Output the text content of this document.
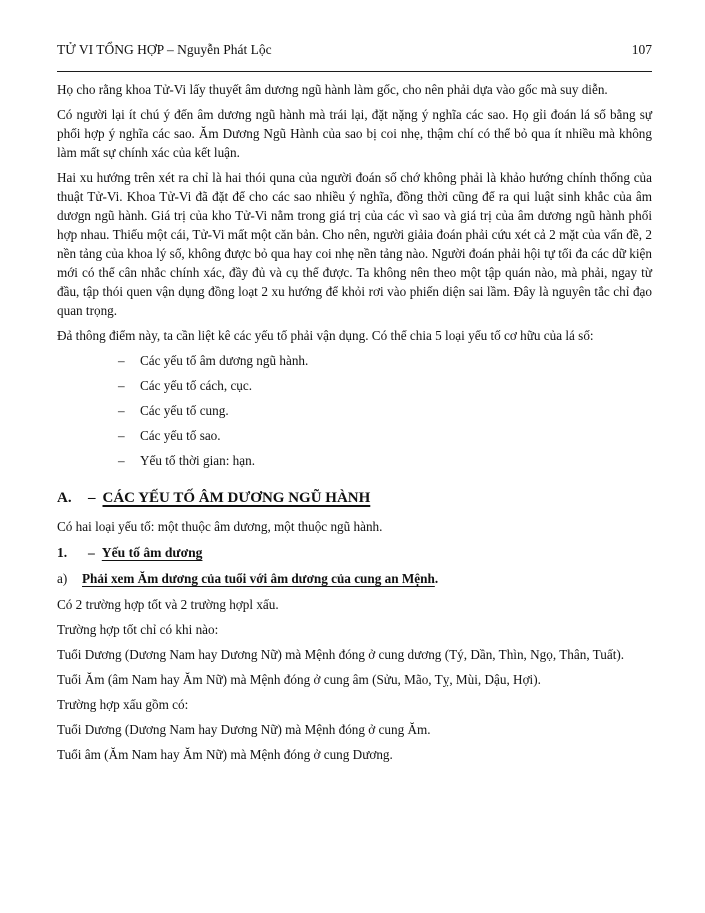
TỬ VI TỔNG HỢP – Nguyễn Phát Lộc	107

Họ cho rằng khoa Tử-Vi lấy thuyết âm dương ngũ hành làm gốc, cho nên phải dựa vào gốc mà suy diễn.

Có người lại ít chú ý đến âm dương ngũ hành mà trái lại, đặt nặng ý nghĩa các sao. Họ gỉi đoán lá số bằng sự phối hợp ý nghĩa các sao. Ăm Dương Ngũ Hành của sao bị coi nhẹ, thậm chí có thể bỏ qua ít nhiều mà không làm mất sự chính xác của kết luận.

Hai xu hướng trên xét ra chỉ là hai thói quna của người đoán số chớ không phải là khảo hướng chính thống của thuật Tử-Vi. Khoa Tử-Vi đã đặt để cho các sao nhiều ý nghĩa, đồng thời cũng để ra qui luật sinh khắc của âm dươgn ngũ hành. Giá trị của kho Tử-Vi nằm trong giá trị của các vì sao và giá trị của âm dương ngũ hành phối hợp nhau. Thiếu một cái, Tử-Vi mất một căn bản. Cho nên, người giảia đoán phải cứu xét cả 2 mặt của vấn đề, 2 nền tảng của khoa lý số, không được bỏ qua hay coi nhẹ nền tảng nào. Người đoán phải hội tự tối đa các dữ kiện mới có thể cân nhắc chính xác, đầy đủ và cụ thể được. Ta không nên theo một tập quán nào, mà phải, ngay từ đầu, tập thói quen vận dụng đồng loạt 2 xu hướng để khỏi rơi vào phiến diện sai lầm. Đây là nguyên tắc chỉ đạo quan trọng.

Đả thông điểm này, ta cần liệt kê các yếu tố phải vận dụng. Có thể chia 5 loại yếu tố cơ hữu của lá số:

– Các yếu tố âm dương ngũ hành.
– Các yếu tố cách, cục.
– Các yếu tố cung.
– Các yếu tố sao.
– Yếu tố thời gian: hạn.
A. – CÁC YẾU TỐ ÂM DƯƠNG NGŨ HÀNH

Có hai loại yếu tố: một thuộc âm dương, một thuộc ngũ hành.

1. – Yếu tố âm dương
a) Phải xem Ăm dương của tuổi với âm dương của cung an Mệnh.

Có 2 trường hợp tốt và 2 trường hợpl xấu.

Trường hợp tốt chỉ có khi nào:

Tuổi Dương (Dương Nam hay Dương Nữ) mà Mệnh đóng ở cung dương (Tý, Dần, Thìn, Ngọ, Thân, Tuất).

Tuổi Ăm (âm Nam hay Ăm Nữ) mà Mệnh đóng ở cung âm (Sửu, Mão, Tỵ, Mùi, Dậu, Hợi).

Trường hợp xấu gồm có:

Tuổi Dương (Dương Nam hay Dương Nữ) mà Mệnh đóng ở cung Ăm.

Tuổi âm (Ăm Nam hay Ăm Nữ) mà Mệnh đóng ở cung Dương.
